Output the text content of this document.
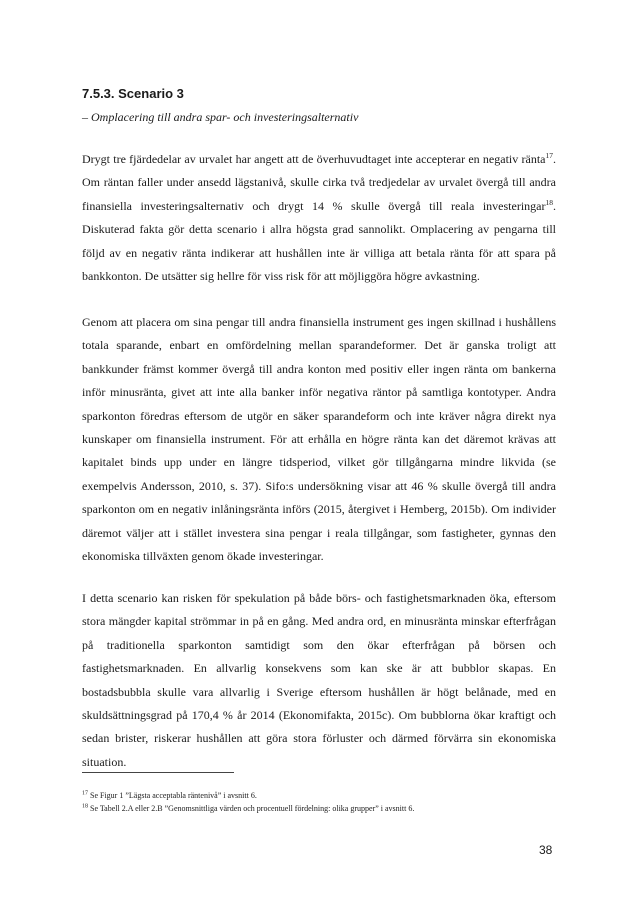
7.5.3. Scenario 3

– Omplacering till andra spar- och investeringsalternativ

Drygt tre fjärdedelar av urvalet har angett att de överhuvudtaget inte accepterar en negativ ränta$^{17}$. Om räntan faller under ansedd lägstanivå, skulle cirka två tredjedelar av urvalet övergå till andra finansiella investeringsalternativ och drygt 14 % skulle övergå till reala investeringar$^{18}$. Diskuterad fakta gör detta scenario i allra högsta grad sannolikt. Omplacering av pengarna till följd av en negativ ränta indikerar att hushållen inte är villiga att betala ränta för att spara på bankkonton. De utsätter sig hellre för viss risk för att möjliggöra högre avkastning.

Genom att placera om sina pengar till andra finansiella instrument ges ingen skillnad i hushållens totala sparande, enbart en omfördelning mellan sparandeformer. Det är ganska troligt att bankkunder främst kommer övergå till andra konton med positiv eller ingen ränta om bankerna inför minusränta, givet att inte alla banker inför negativa räntor på samtliga kontotyper. Andra sparkonton föredras eftersom de utgör en säker sparandeform och inte kräver några direkt nya kunskaper om finansiella instrument. För att erhålla en högre ränta kan det däremot krävas att kapitalet binds upp under en längre tidsperiod, vilket gör tillgångarna mindre likvida (se exempelvis Andersson, 2010, s. 37). Sifo:s undersökning visar att 46 % skulle övergå till andra sparkonton om en negativ inlåningsränta införs (2015, återgivet i Hemberg, 2015b). Om individer däremot väljer att i stället investera sina pengar i reala tillgångar, som fastigheter, gynnas den ekonomiska tillväxten genom ökade investeringar.

I detta scenario kan risken för spekulation på både börs- och fastighetsmarknaden öka, eftersom stora mängder kapital strömmar in på en gång. Med andra ord, en minusränta minskar efterfrågan på traditionella sparkonton samtidigt som den ökar efterfrågan på börsen och fastighetsmarknaden. En allvarlig konsekvens som kan ske är att bubblor skapas. En bostadsbubbla skulle vara allvarlig i Sverige eftersom hushållen är högt belånade, med en skuldsättningsgrad på 170,4 % år 2014 (Ekonomifakta, 2015c). Om bubblorna ökar kraftigt och sedan brister, riskerar hushållen att göra stora förluster och därmed förvärra sin ekonomiska situation.

$^{17}$ Se Figur 1 ”Lägsta acceptabla räntenivå” i avsnitt 6.

$^{18}$ Se Tabell 2.A eller 2.B ”Genomsnittliga värden och procentuell fördelning: olika grupper” i avsnitt 6.

38
